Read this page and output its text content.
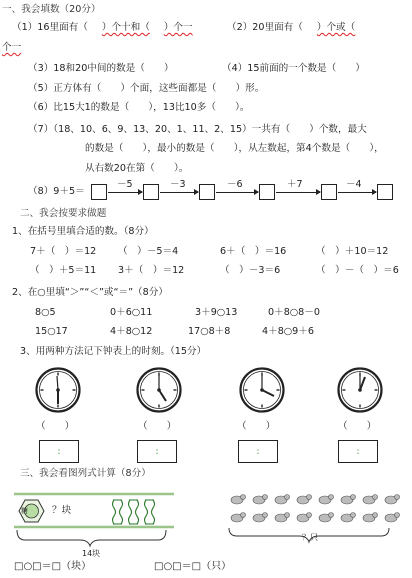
一、我会填数（20分）
（1）16里面有（ ）个十和（ ）个一	（2）20里面有（ ）个或（
个一
（3）18和20中间的数是（　　）	（4）15前面的一个数是（　　）
（5）正方体有（　　）个面，这些面都是（　　）形。
（6）比15大1的数是（　　），13比10多（　　）。
（7）（18、10、6、9、13、20、1、11、2、15）一共有（　　）个数，最大
的数是（　　），最小的数是（　　），从左数起，第4个数是（　　），
从右数20在第（　　）。
（8）9＋5＝
－5	－3	－6	＋7	－4
二、我会按要求做题
1、在括号里填合适的数。（8分）
7＋（　）＝12 （　）－5＝4	6＋（　）＝16	（　）＋10＝12
（　）＋5＝11 3＋（　）＝12	（　）－3＝6	（　）－（　）＝6
2、在○里填“＞”“＜”或“＝”（8分）
8○5	0＋6○11	3＋9○13	0＋8○8－0
15○17	4＋8○12	17○8＋8	4＋8○9＋6
3、用两种方法记下钟表上的时刻。（15分）
（　　）	（　　）	（　　）	（　　）
:	:	:	:
三、我会看图列式计算（8分）
糖	？块
14块
？只
□○□＝□（块）	□○□＝□（只）
